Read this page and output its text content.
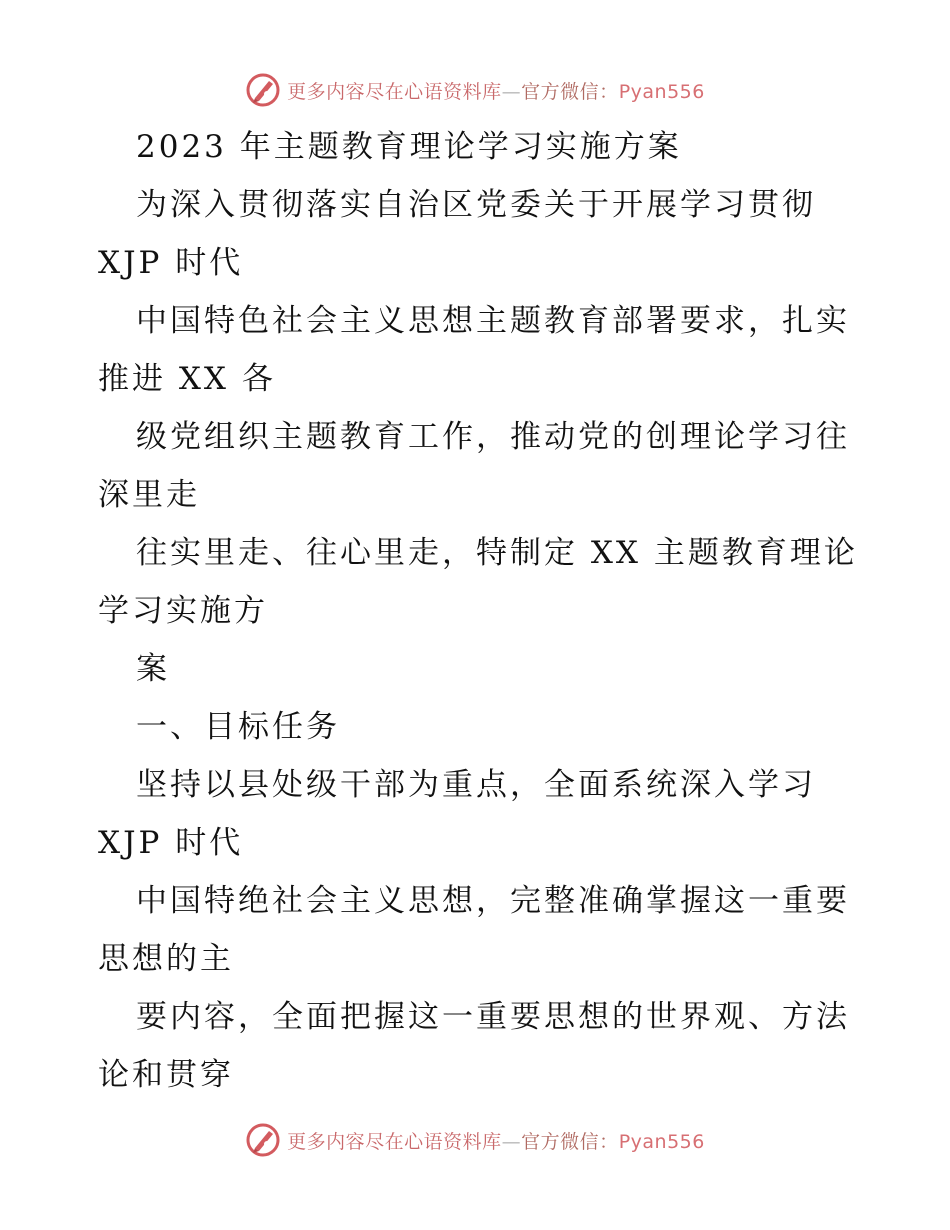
更多内容尽在心语资料库—官方微信：Pyan556
2023 年主题教育理论学习实施方案
为深入贯彻落实自治区党委关于开展学习贯彻
XJP 时代
中国特色社会主义思想主题教育部署要求，扎实
推进 XX 各
级党组织主题教育工作，推动党的创理论学习往
深里走
往实里走、往心里走，特制定 XX 主题教育理论
学习实施方
案
一、目标任务
坚持以县处级干部为重点，全面系统深入学习
XJP 时代
中国特绝社会主义思想，完整准确掌握这一重要
思想的主
要内容，全面把握这一重要思想的世界观、方法
论和贯穿
更多内容尽在心语资料库—官方微信：Pyan556
